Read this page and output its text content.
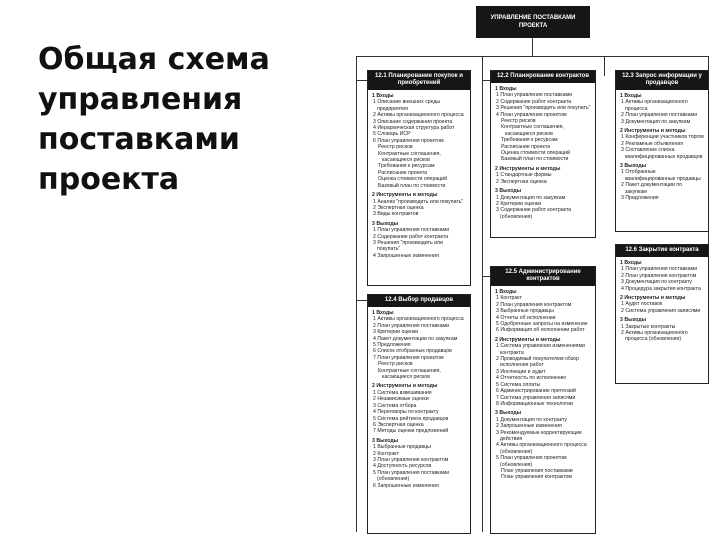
Общая схема
управления
поставками
проекта
УПРАВЛЕНИЕ ПОСТАВКАМИ ПРОЕКТА
12.1 Планирование покупок и приобретений
1 Входы
1 Описание внешних среды предприятия
2 Активы организационного процесса
3 Описание содержания проекта
4 Иерархическая структура работ
5 Словарь ИСР
6 План управления проектом
Реестр рисков
Контрактные соглашения, касающиеся рисков
Требования к ресурсам
Расписание проекта
Оценка стоимости операций
Базовый план по стоимости
2 Инструменты и методы
1 Анализ "производить или покупать"
2 Экспертная оценка
3 Виды контрактов
3 Выходы
1 План управления поставками
2 Содержание работ контракта
3 Решения "производить или покупать"
4 Запрошенные изменения
12.2 Планирование контрактов
1 Входы
1 План управления поставками
2 Содержание работ контракта
3 Решения "производить или покупать"
4 План управления проектом
Реестр рисков
Контрактные соглашения, касающиеся рисков
Требования к ресурсам
Расписание проекта
Оценка стоимости операций
Базовый план по стоимости
2 Инструменты и методы
1 Стандартные формы
2 Экспертная оценка
3 Выходы
1 Документация по закупкам
2 Критерии оценки
3 Содержание работ контракта (обновления)
12.3 Запрос информации у продавцов
1 Входы
1 Активы организационного процесса
2 План управления поставками
3 Документация по закупкам
2 Инструменты и методы
1 Конференции участников торгов
2 Рекламные объявления
3 Составление списка квалифицированных продавцов
3 Выходы
1 Отобранные квалифицированные продавцы
2 Пакет документации по закупкам
3 Предложения
12.4 Выбор продавцов
1 Входы
1 Активы организационного процесса
2 План управления поставками
3 Критерии оценки
4 Пакет документации по закупкам
5 Предложения
6 Список отобранных продавцов
7 План управления проектом
Реестр рисков
Контрактные соглашения, касающиеся рисков
2 Инструменты и методы
1 Система взвешивания
2 Независимые оценки
3 Система отбора
4 Переговоры по контракту
5 Система рейтинга продавцов
6 Экспертная оценка
7 Методы оценки предложений
3 Выходы
1 Выбранные продавцы
2 Контракт
3 План управления контрактом
4 Доступность ресурсов
5 План управления поставками (обновления)
6 Запрошенные изменения
12.5 Администрирование контрактов
1 Входы
1 Контракт
2 План управления контрактом
3 Выбранные продавцы
4 Отчеты об исполнении
5 Одобренные запросы на изменение
6 Информация об исполнении работ
2 Инструменты и методы
1 Система управления изменениями контракта
2 Проводимый покупателем обзор исполнения работ
3 Инспекции и аудит
4 Отчетность по исполнению
5 Система оплаты
6 Администрирование претензий
7 Система управления записями
8 Информационные технологии
3 Выходы
1 Документация по контракту
2 Запрошенные изменения
3 Рекомендуемые корректирующие действия
4 Активы организационного процесса (обновления)
5 План управления проектом (обновления)
План управления поставками
План управления контрактом
12.6 Закрытие контракта
1 Входы
1 План управления поставками
2 План управления контрактом
3 Документация по контракту
4 Процедура закрытия контракта
2 Инструменты и методы
1 Аудит поставок
2 Система управления записями
3 Выходы
1 Закрытые контракты
2 Активы организационного процесса (обновления)
